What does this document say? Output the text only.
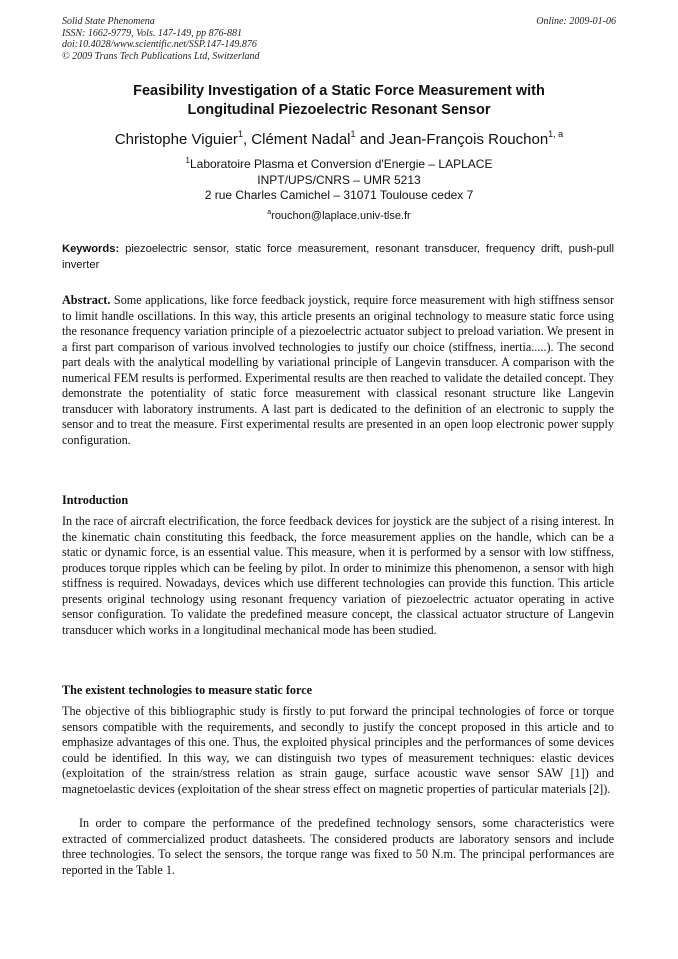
Solid State Phenomena
ISSN: 1662-9779, Vols. 147-149, pp 876-881
doi:10.4028/www.scientific.net/SSP.147-149.876
© 2009 Trans Tech Publications Ltd, Switzerland
Online: 2009-01-06
Feasibility Investigation of a Static Force Measurement with
Longitudinal Piezoelectric Resonant Sensor
Christophe Viguier$^1$, Clément Nadal$^1$ and Jean-François Rouchon$^{1, a}$
$^1$Laboratoire Plasma et Conversion d'Energie – LAPLACE
INPT/UPS/CNRS – UMR 5213
2 rue Charles Camichel – 31071 Toulouse cedex 7
$^a$rouchon@laplace.univ-tlse.fr
Keywords: piezoelectric sensor, static force measurement, resonant transducer, frequency drift, push-pull inverter
Abstract. Some applications, like force feedback joystick, require force measurement with high stiffness sensor to limit handle oscillations. In this way, this article presents an original technology to measure static force using the resonance frequency variation principle of a piezoelectric actuator subject to preload variation. We present in a first part comparison of various involved technologies to justify our choice (stiffness, inertia.....). The second part deals with the analytical modelling by variational principle of Langevin transducer. A comparison with the numerical FEM results is performed. Experimental results are then reached to validate the detailed concept. They demonstrate the potentiality of static force measurement with classical resonant structure like Langevin transducer with laboratory instruments. A last part is dedicated to the definition of an electronic to supply the sensor and to treat the measure. First experimental results are presented in an open loop electronic power supply configuration.
Introduction
In the race of aircraft electrification, the force feedback devices for joystick are the subject of a rising interest. In the kinematic chain constituting this feedback, the force measurement applies on the handle, which can be a static or dynamic force, is an essential value. This measure, when it is performed by a sensor with low stiffness, produces torque ripples which can be feeling by pilot. In order to minimize this phenomenon, a sensor with high stiffness is required. Nowadays, devices which use different technologies can provide this function. This article presents original technology using resonant frequency variation of piezoelectric actuator operating in active sensor configuration. To validate the predefined measure concept, the classical actuator structure of Langevin transducer which works in a longitudinal mechanical mode has been studied.
The existent technologies to measure static force
The objective of this bibliographic study is firstly to put forward the principal technologies of force or torque sensors compatible with the requirements, and secondly to justify the concept proposed in this article and to emphasize advantages of this one. Thus, the exploited physical principles and the performances of some devices could be identified. In this way, we can distinguish two types of measurement techniques: elastic devices (exploitation of the strain/stress relation as strain gauge, surface acoustic wave sensor SAW [1]) and magnetoelastic devices (exploitation of the shear stress effect on magnetic properties of particular materials [2]).
In order to compare the performance of the predefined technology sensors, some characteristics were extracted of commercialized product datasheets. The considered products are laboratory sensors and include three technologies. To select the sensors, the torque range was fixed to 50 N.m. The principal performances are reported in the Table 1.
